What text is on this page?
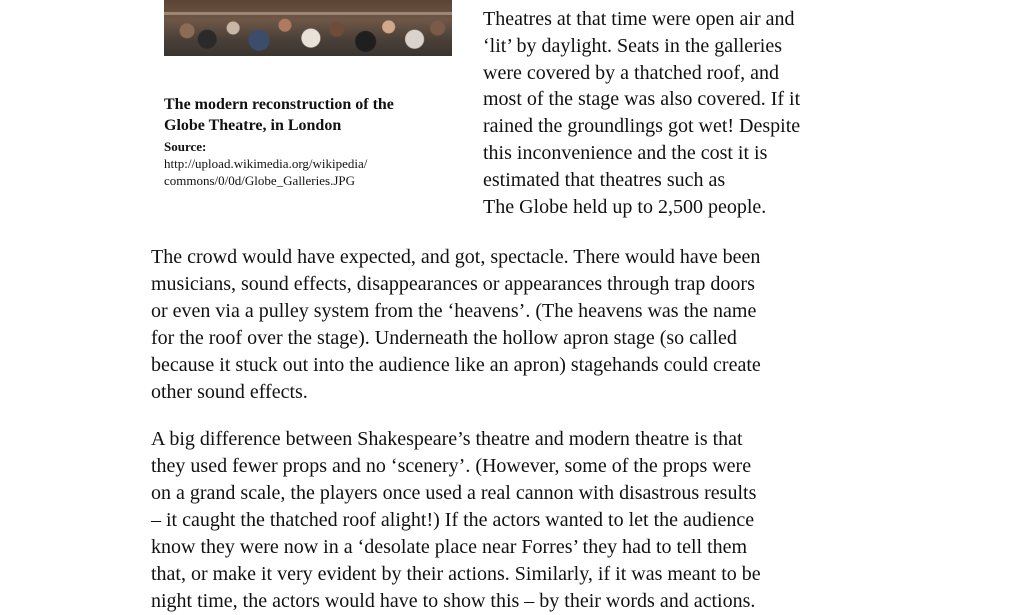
The modern reconstruction of the
Globe Theatre, in London
Source:
http://upload.wikimedia.org/wikipedia/
commons/0/0d/Globe_Galleries.JPG
Theatres at that time were open air and
‘lit’ by daylight. Seats in the galleries
were covered by a thatched roof, and
most of the stage was also covered. If it
rained the groundlings got wet! Despite
this inconvenience and the cost it is
estimated that theatres such as
The Globe held up to 2,500 people.
The crowd would have expected, and got, spectacle. There would have been
musicians, sound effects, disappearances or appearances through trap doors
or even via a pulley system from the ‘heavens’. (The heavens was the name
for the roof over the stage). Underneath the hollow apron stage (so called
because it stuck out into the audience like an apron) stagehands could create
other sound effects.
A big difference between Shakespeare’s theatre and modern theatre is that
they used fewer props and no ‘scenery’. (However, some of the props were
on a grand scale, the players once used a real cannon with disastrous results
– it caught the thatched roof alight!) If the actors wanted to let the audience
know they were now in a ‘desolate place near Forres’ they had to tell them
that, or make it very evident by their actions. Similarly, if it was meant to be
night time, the actors would have to show this – by their words and actions.
